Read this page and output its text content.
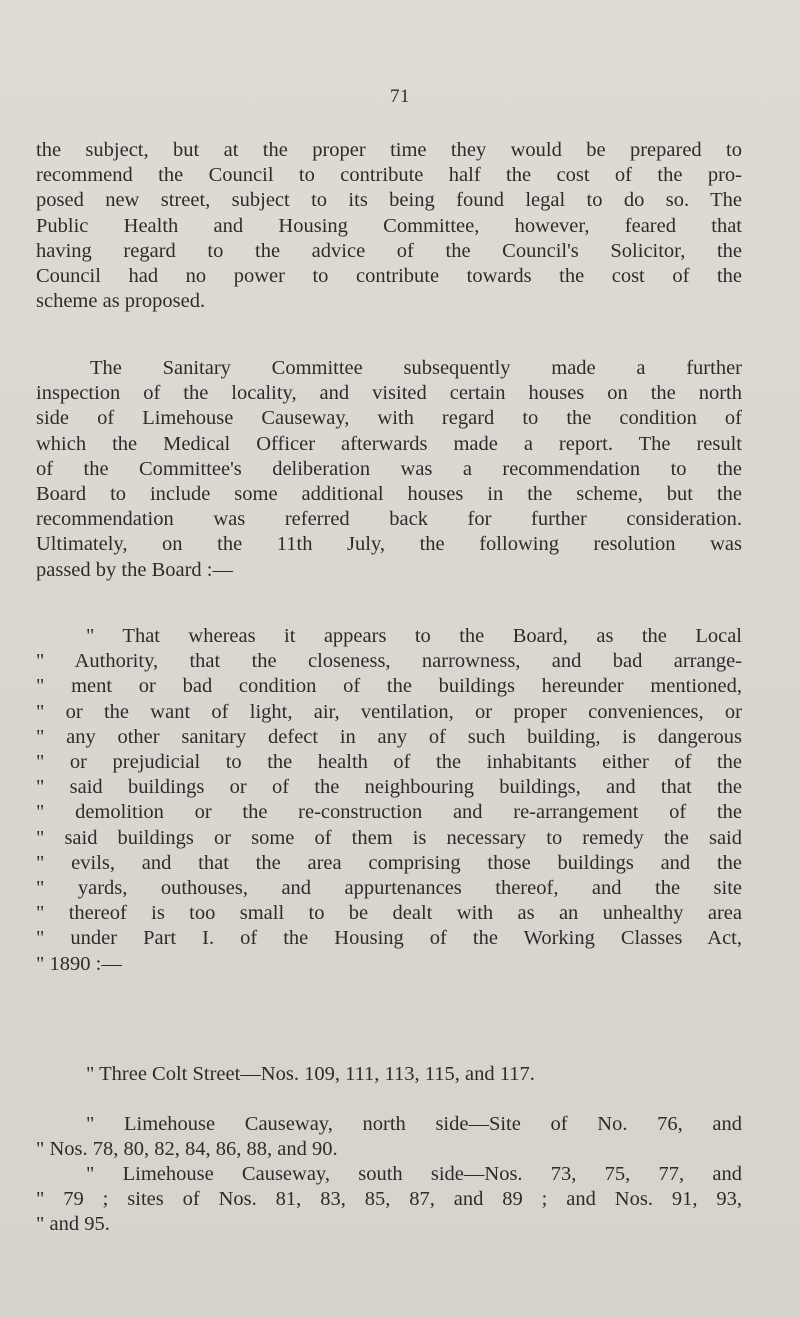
71
the subject, but at the proper time they would be prepared to
recommend the Council to contribute half the cost of the pro-
posed new street, subject to its being found legal to do so. The
Public Health and Housing Committee, however, feared that
having regard to the advice of the Council's Solicitor, the
Council had no power to contribute towards the cost of the
scheme as proposed.
The Sanitary Committee subsequently made a further
inspection of the locality, and visited certain houses on the north
side of Limehouse Causeway, with regard to the condition of
which the Medical Officer afterwards made a report. The result
of the Committee's deliberation was a recommendation to the
Board to include some additional houses in the scheme, but the
recommendation was referred back for further consideration.
Ultimately, on the 11th July, the following resolution was
passed by the Board :—
" That whereas it appears to the Board, as the Local
" Authority, that the closeness, narrowness, and bad arrange-
" ment or bad condition of the buildings hereunder mentioned,
" or the want of light, air, ventilation, or proper conveniences, or
" any other sanitary defect in any of such building, is dangerous
" or prejudicial to the health of the inhabitants either of the
" said buildings or of the neighbouring buildings, and that the
" demolition or the re-construction and re-arrangement of the
" said buildings or some of them is necessary to remedy the said
" evils, and that the area comprising those buildings and the
" yards, outhouses, and appurtenances thereof, and the site
" thereof is too small to be dealt with as an unhealthy area
" under Part I. of the Housing of the Working Classes Act,
" 1890 :—
" Three Colt Street—Nos. 109, 111, 113, 115, and 117.
" Limehouse Causeway, north side—Site of No. 76, and
" Nos. 78, 80, 82, 84, 86, 88, and 90.
" Limehouse Causeway, south side—Nos. 73, 75, 77, and
" 79 ; sites of Nos. 81, 83, 85, 87, and 89 ; and Nos. 91, 93,
" and 95.
